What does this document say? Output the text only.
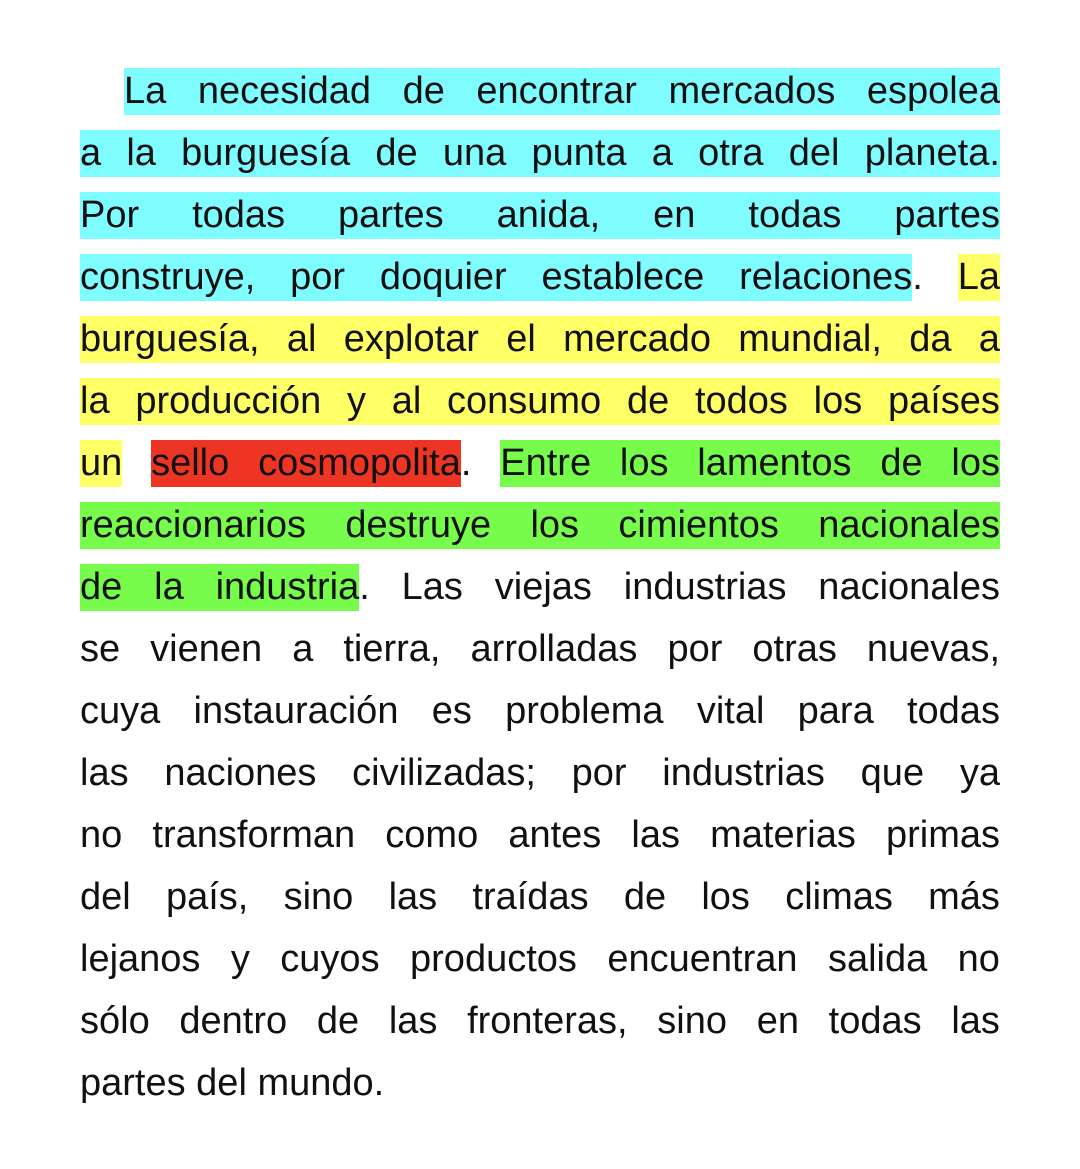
La necesidad de encontrar mercados espolea
a la burguesía de una punta a otra del planeta.
Por todas partes anida, en todas partes
construye, por doquier establece relaciones . La
burguesía, al explotar el mercado mundial, da a
la producción y al consumo de todos los países
un
sello cosmopolita . Entre los lamentos de los
reaccionarios destruye los cimientos nacionales
de la industria . Las viejas industrias nacionales
se vienen a tierra, arrolladas por otras nuevas,
cuya instauración es problema vital para todas
las naciones civilizadas; por industrias que ya
no transforman como antes las materias primas
del país, sino las traídas de los climas más
lejanos y cuyos productos encuentran salida no
sólo dentro de las fronteras, sino en todas las
partes del mundo.
